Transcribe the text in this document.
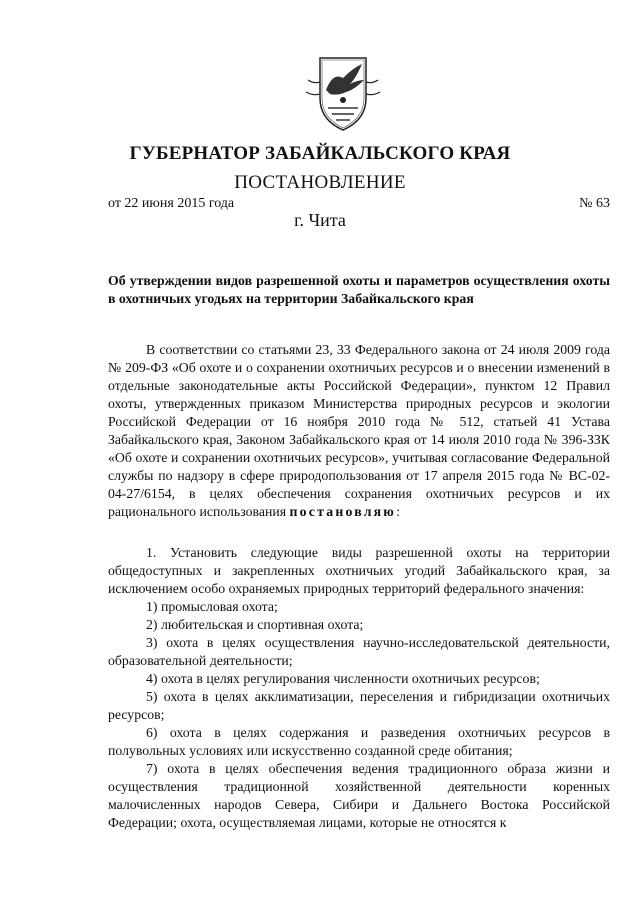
ГУБЕРНАТОР ЗАБАЙКАЛЬСКОГО КРАЯ
ПОСТАНОВЛЕНИЕ
от 22 июня 2015 года	№ 63
г. Чита
Об утверждении видов разрешенной охоты и параметров осуществления охоты в охотничьих угодьях на территории Забайкальского края

В соответствии со статьями 23, 33 Федерального закона от 24 июля 2009 года № 209-ФЗ «Об охоте и о сохранении охотничьих ресурсов и о внесении изменений в отдельные законодательные акты Российской Федерации», пунктом 12 Правил охоты, утвержденных приказом Министерства природных ресурсов и экологии Российской Федерации от 16 ноября 2010 года № 512, статьей 41 Устава Забайкальского края, Законом Забайкальского края от 14 июля 2010 года № 396-ЗЗК «Об охоте и сохранении охотничьих ресурсов», учитывая согласование Федеральной службы по надзору в сфере природопользования от 17 апреля 2015 года № ВС-02-04-27/6154, в целях обеспечения сохранения охотничьих ресурсов и их рационального использования постановляю:

1. Установить следующие виды разрешенной охоты на территории общедоступных и закрепленных охотничьих угодий Забайкальского края, за исключением особо охраняемых природных территорий федерального значения:

1) промысловая охота;
2) любительская и спортивная охота;
3) охота в целях осуществления научно-исследовательской деятельности, образовательной деятельности;
4) охота в целях регулирования численности охотничьих ресурсов;
5) охота в целях акклиматизации, переселения и гибридизации охотничьих ресурсов;
6) охота в целях содержания и разведения охотничьих ресурсов в полувольных условиях или искусственно созданной среде обитания;
7) охота в целях обеспечения ведения традиционного образа жизни и осуществления традиционной хозяйственной деятельности коренных малочисленных народов Севера, Сибири и Дальнего Востока Российской Федерации; охота, осуществляемая лицами, которые не относятся к
